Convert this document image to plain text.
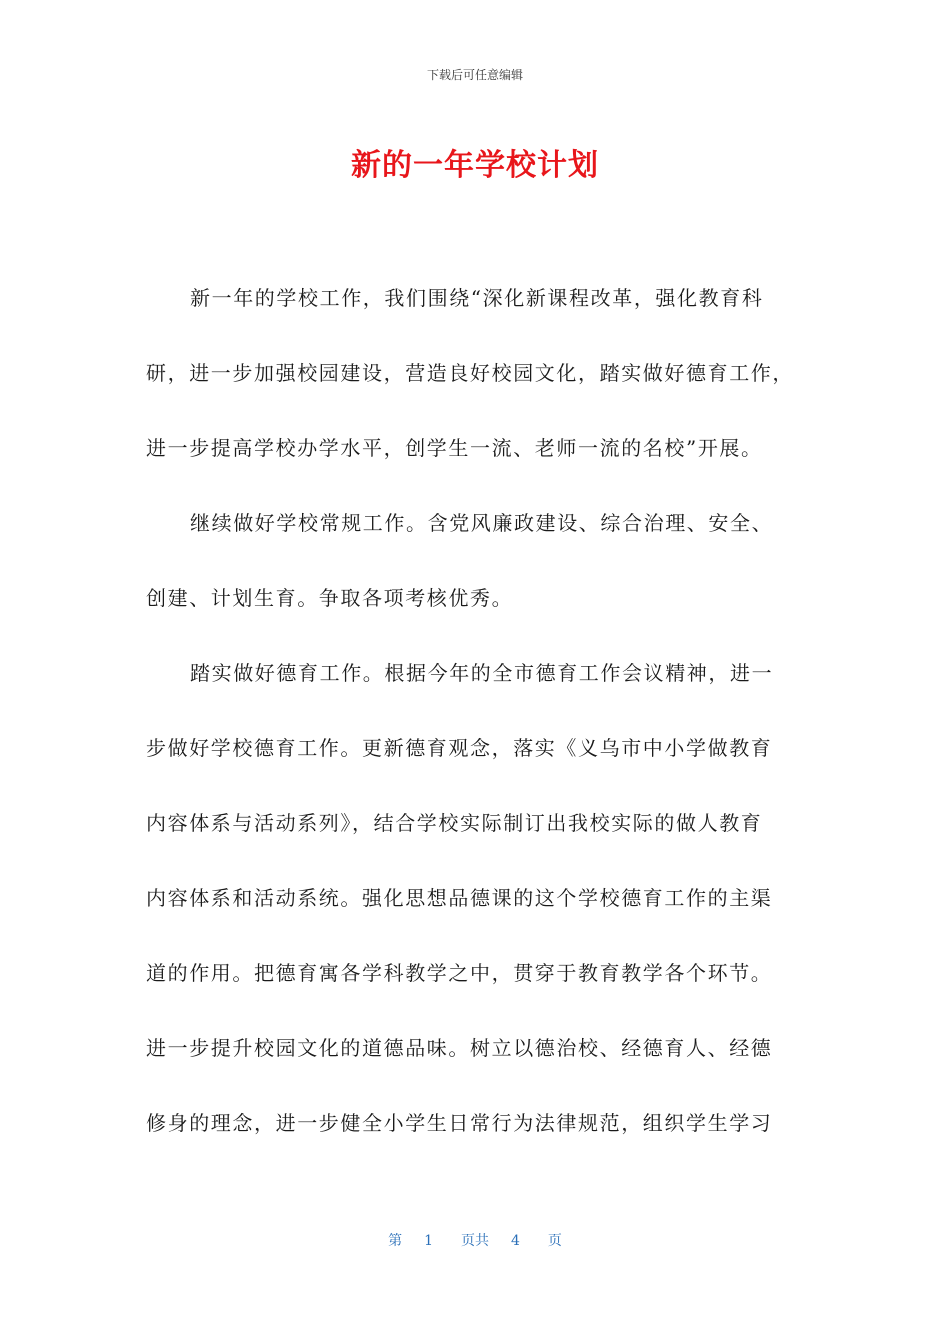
下载后可任意编辑
新的一年学校计划
新一年的学校工作，我们围绕“深化新课程改革，强化教育科
研，进一步加强校园建设，营造良好校园文化，踏实做好德育工作，
进一步提高学校办学水平，创学生一流、老师一流的名校”开展。
继续做好学校常规工作。含党风廉政建设、综合治理、安全、
创建、计划生育。争取各项考核优秀。
踏实做好德育工作。根据今年的全市德育工作会议精神，进一
步做好学校德育工作。更新德育观念，落实《义乌市中小学做教育
内容体系与活动系列》，结合学校实际制订出我校实际的做人教育
内容体系和活动系统。强化思想品德课的这个学校德育工作的主渠
道的作用。把德育寓各学科教学之中，贯穿于教育教学各个环节。
进一步提升校园文化的道德品味。树立以德治校、经德育人、经德
修身的理念，进一步健全小学生日常行为法律规范，组织学生学习
第 1 页共 4 页
